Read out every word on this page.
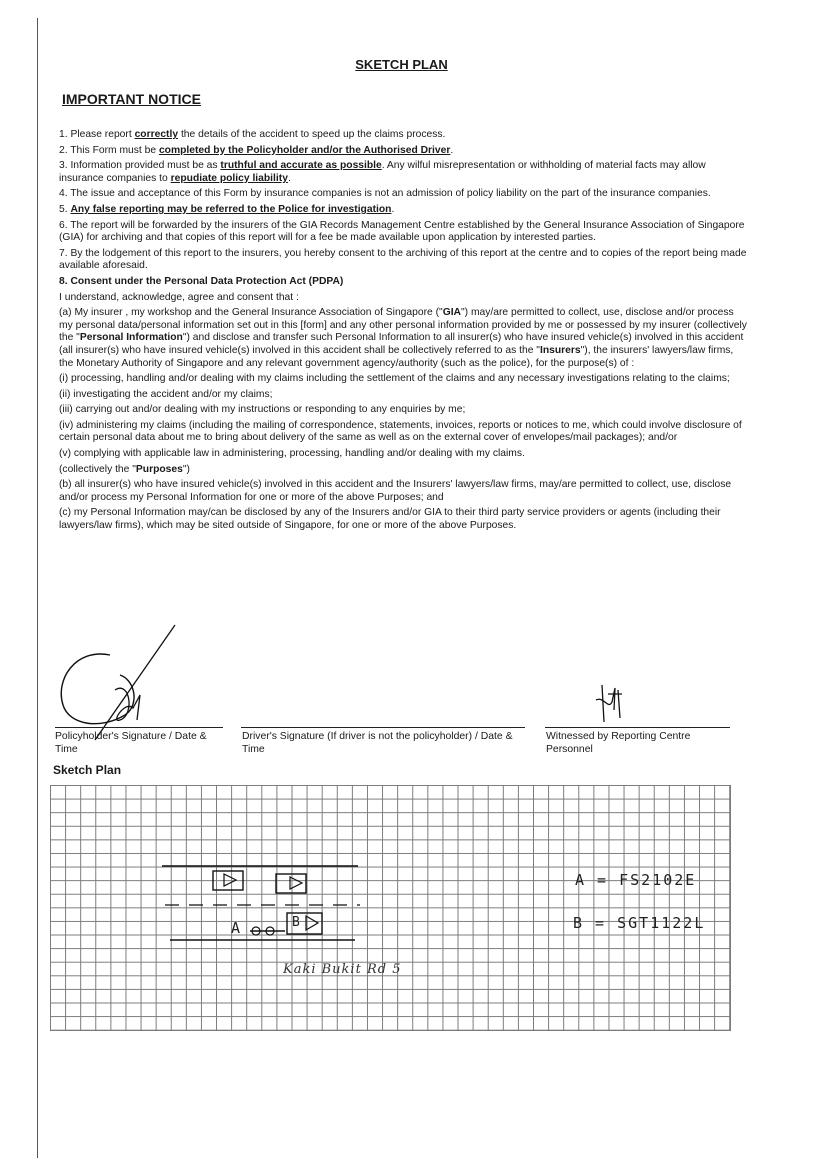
SKETCH PLAN
IMPORTANT NOTICE

1. Please report correctly the details of the accident to speed up the claims process.

2. This Form must be completed by the Policyholder and/or the Authorised Driver.

3. Information provided must be as truthful and accurate as possible. Any wilful misrepresentation or withholding of material facts may allow insurance companies to repudiate policy liability.

4. The issue and acceptance of this Form by insurance companies is not an admission of policy liability on the part of the insurance companies.

5. Any false reporting may be referred to the Police for investigation.

6. The report will be forwarded by the insurers of the GIA Records Management Centre established by the General Insurance Association of Singapore (GIA) for archiving and that copies of this report will for a fee be made available upon application by interested parties.

7. By the lodgement of this report to the insurers, you hereby consent to the archiving of this report at the centre and to copies of the report being made available aforesaid.

8. Consent under the Personal Data Protection Act (PDPA)

I understand, acknowledge, agree and consent that :

(a) My insurer , my workshop and the General Insurance Association of Singapore ("GIA") may/are permitted to collect, use, disclose and/or process my personal data/personal information set out in this [form] and any other personal information provided by me or possessed by my insurer (collectively the "Personal Information") and disclose and transfer such Personal Information to all insurer(s) who have insured vehicle(s) involved in this accident (all insurer(s) who have insured vehicle(s) involved in this accident shall be collectively referred to as the "Insurers"), the insurers' lawyers/law firms, the Monetary Authority of Singapore and any relevant government agency/authority (such as the police), for the purpose(s) of :

(i) processing, handling and/or dealing with my claims including the settlement of the claims and any necessary investigations relating to the claims;

(ii) investigating the accident and/or my claims;

(iii) carrying out and/or dealing with my instructions or responding to any enquiries by me;

(iv) administering my claims (including the mailing of correspondence, statements, invoices, reports or notices to me, which could involve disclosure of certain personal data about me to bring about delivery of the same as well as on the external cover of envelopes/mail packages); and/or

(v) complying with applicable law in administering, processing, handling and/or dealing with my claims.

(collectively the "Purposes")

(b) all insurer(s) who have insured vehicle(s) involved in this accident and the Insurers' lawyers/law firms, may/are permitted to collect, use, disclose and/or process my Personal Information for one or more of the above Purposes; and

(c) my Personal Information may/can be disclosed by any of the Insurers and/or GIA to their third party service providers or agents (including their lawyers/law firms), which may be sited outside of Singapore, for one or more of the above Purposes.

Policyholder's Signature / Date & Time
Driver's Signature (If driver is not the policyholder) / Date & Time
Witnessed by Reporting Centre Personnel
Sketch Plan
A	B
Kaki Bukit Rd 5
A = FS2102E
B = SGT1122L
